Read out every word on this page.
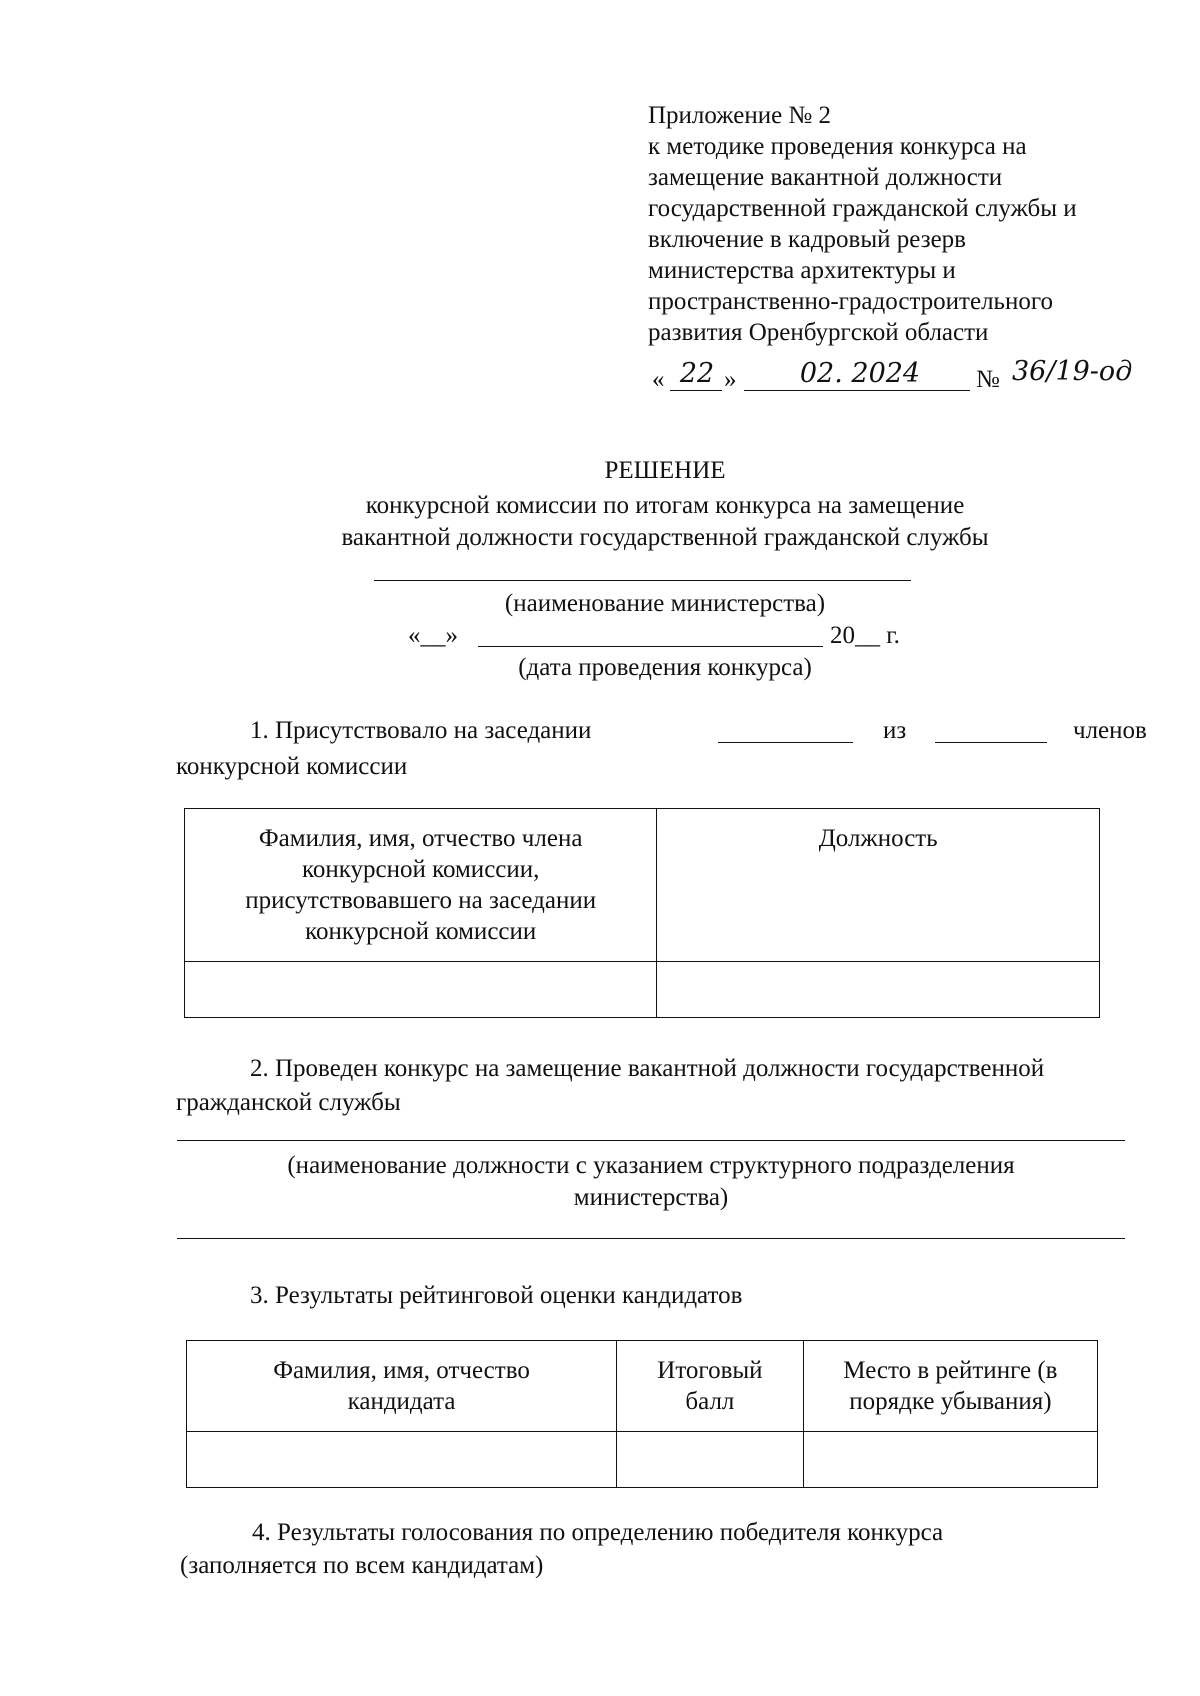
Приложение № 2
к методике проведения конкурса на
замещение вакантной должности
государственной гражданской службы и
включение в кадровый резерв
министерства архитектуры и
пространственно-градостроительного
развития Оренбургской области
« 22 »	02. 2024	№ 36/19-од
РЕШЕНИЕ
конкурсной комиссии по итогам конкурса на замещение
вакантной должности государственной гражданской службы
(наименование министерства)
«__»	20__ г.
(дата проведения конкурса)
1. Присутствовало на заседании	из	членов
конкурсной комиссии
Фамилия, имя, отчество члена конкурсной комиссии, присутствовавшего на заседании конкурсной комиссии	Должность

2. Проведен конкурс на замещение вакантной должности государственной
гражданской службы
(наименование должности с указанием структурного подразделения
министерства)
3. Результаты рейтинговой оценки кандидатов
Фамилия, имя, отчество кандидата	Итоговый балл	Место в рейтинге (в порядке убывания)

4. Результаты голосования по определению победителя конкурса
(заполняется по всем кандидатам)
